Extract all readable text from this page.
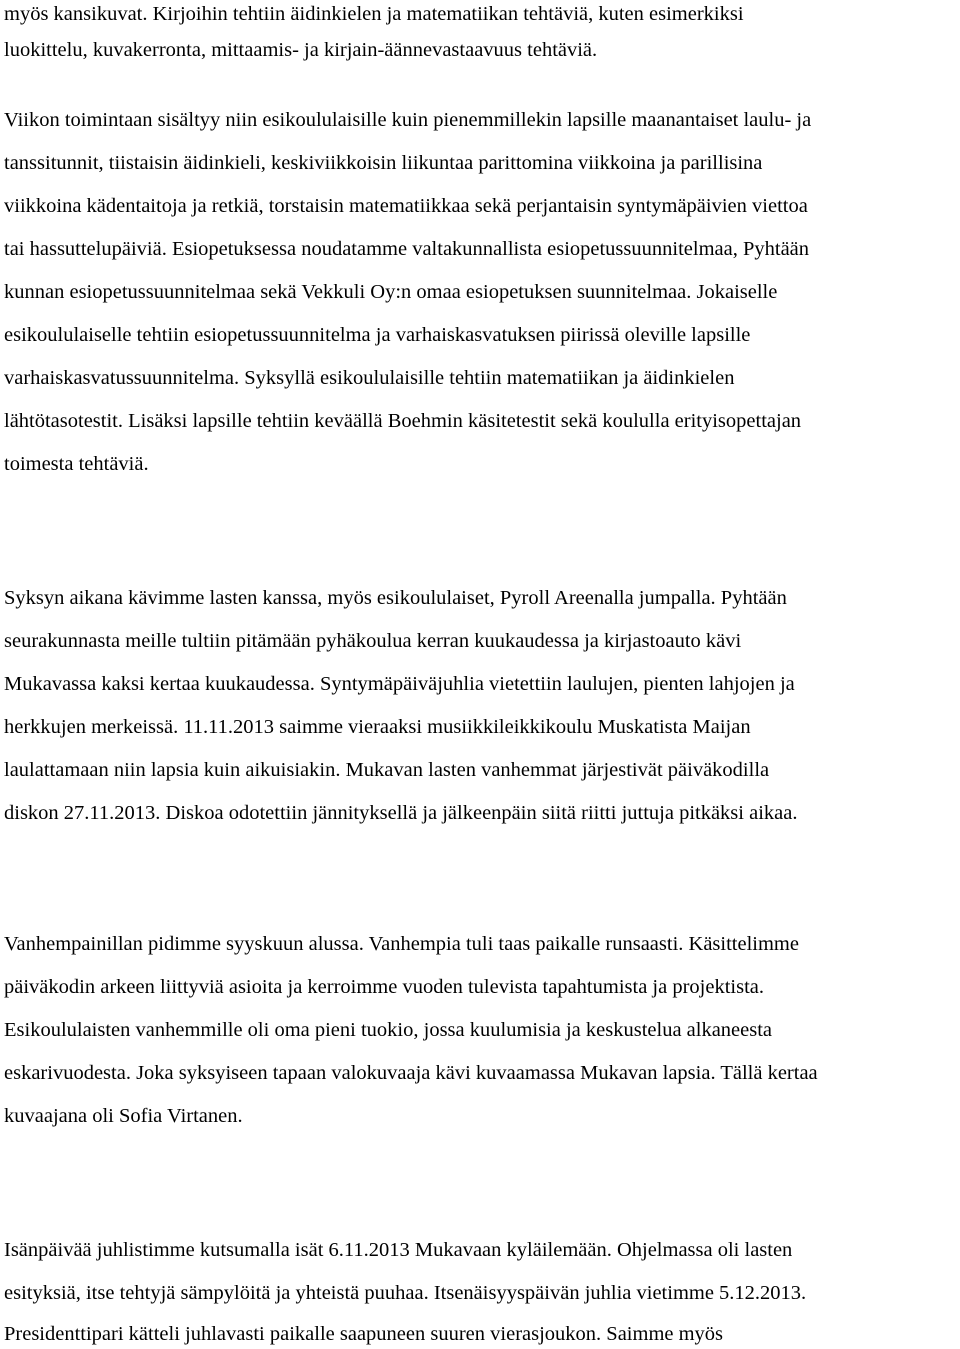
myös kansikuvat. Kirjoihin tehtiin äidinkielen ja matematiikan tehtäviä, kuten esimerkiksi
luokittelu, kuvakerronta, mittaamis- ja kirjain-äännevastaavuus tehtäviä.
Viikon toimintaan sisältyy niin esikoululaisille kuin pienemmillekin lapsille maanantaiset laulu- ja
tanssitunnit, tiistaisin äidinkieli, keskiviikkoisin liikuntaa parittomina viikkoina ja parillisina
viikkoina kädentaitoja ja retkiä, torstaisin matematiikkaa sekä perjantaisin syntymäpäivien viettoa
tai hassuttelupäiviä. Esiopetuksessa noudatamme valtakunnallista esiopetussuunnitelmaa, Pyhtään
kunnan esiopetussuunnitelmaa sekä Vekkuli Oy:n omaa esiopetuksen suunnitelmaa. Jokaiselle
esikoululaiselle tehtiin esiopetussuunnitelma ja varhaiskasvatuksen piirissä oleville lapsille
varhaiskasvatussuunnitelma. Syksyllä esikoululaisille tehtiin matematiikan ja äidinkielen
lähtötasotestit. Lisäksi lapsille tehtiin keväällä Boehmin käsitetestit sekä koululla erityisopettajan
toimesta tehtäviä.
Syksyn aikana kävimme lasten kanssa, myös esikoululaiset, Pyroll Areenalla jumpalla. Pyhtään
seurakunnasta meille tultiin pitämään pyhäkoulua kerran kuukaudessa ja kirjastoauto kävi
Mukavassa kaksi kertaa kuukaudessa. Syntymäpäiväjuhlia vietettiin laulujen, pienten lahjojen ja
herkkujen merkeissä. 11.11.2013 saimme vieraaksi musiikkileikkikoulu Muskatista Maijan
laulattamaan niin lapsia kuin aikuisiakin. Mukavan lasten vanhemmat järjestivät päiväkodilla
diskon 27.11.2013. Diskoa odotettiin jännityksellä ja jälkeenpäin siitä riitti juttuja pitkäksi aikaa.
Vanhempainillan pidimme syyskuun alussa. Vanhempia tuli taas paikalle runsaasti. Käsittelimme
päiväkodin arkeen liittyviä asioita ja kerroimme vuoden tulevista tapahtumista ja projektista.
Esikoululaisten vanhemmille oli oma pieni tuokio, jossa kuulumisia ja keskustelua alkaneesta
eskarivuodesta. Joka syksyiseen tapaan valokuvaaja kävi kuvaamassa Mukavan lapsia. Tällä kertaa
kuvaajana oli Sofia Virtanen.
Isänpäivää juhlistimme kutsumalla isät 6.11.2013 Mukavaan kyläilemään. Ohjelmassa oli lasten
esityksiä, itse tehtyjä sämpylöitä ja yhteistä puuhaa. Itsenäisyyspäivän juhlia vietimme 5.12.2013.
Presidenttipari kätteli juhlavasti paikalle saapuneen suuren vierasjoukon. Saimme myös
